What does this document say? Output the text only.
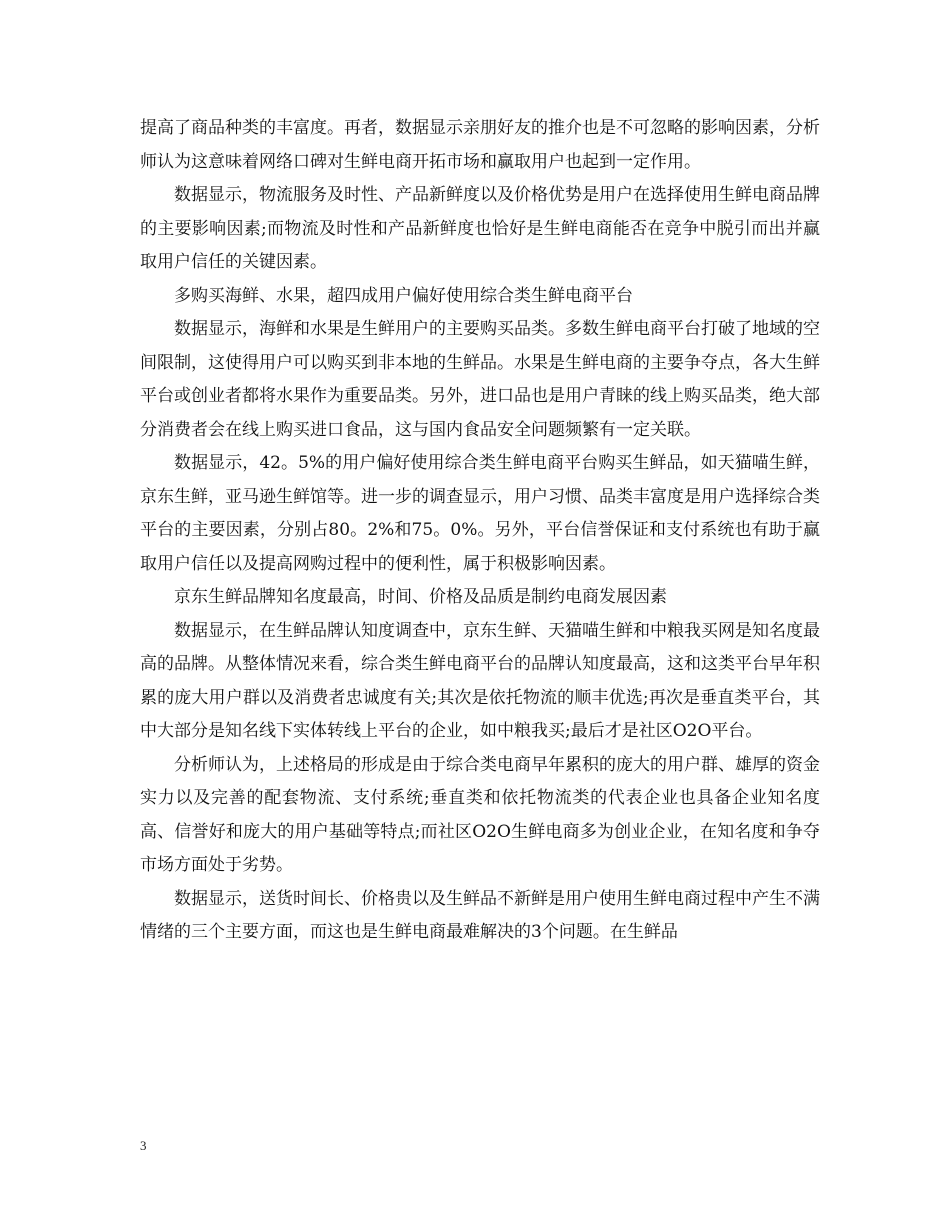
提高了商品种类的丰富度。再者，数据显示亲朋好友的推介也是不可忽略的影响因素，分析师认为这意味着网络口碑对生鲜电商开拓市场和赢取用户也起到一定作用。

数据显示，物流服务及时性、产品新鲜度以及价格优势是用户在选择使用生鲜电商品牌的主要影响因素;而物流及时性和产品新鲜度也恰好是生鲜电商能否在竞争中脱引而出并赢取用户信任的关键因素。

多购买海鲜、水果，超四成用户偏好使用综合类生鲜电商平台

数据显示，海鲜和水果是生鲜用户的主要购买品类。多数生鲜电商平台打破了地域的空间限制，这使得用户可以购买到非本地的生鲜品。水果是生鲜电商的主要争夺点，各大生鲜平台或创业者都将水果作为重要品类。另外，进口品也是用户青睐的线上购买品类，绝大部分消费者会在线上购买进口食品，这与国内食品安全问题频繁有一定关联。

数据显示，42。5%的用户偏好使用综合类生鲜电商平台购买生鲜品，如天猫喵生鲜，京东生鲜，亚马逊生鲜馆等。进一步的调查显示，用户习惯、品类丰富度是用户选择综合类平台的主要因素，分别占80。2%和75。0%。另外，平台信誉保证和支付系统也有助于赢取用户信任以及提高网购过程中的便利性，属于积极影响因素。

京东生鲜品牌知名度最高，时间、价格及品质是制约电商发展因素

数据显示，在生鲜品牌认知度调查中，京东生鲜、天猫喵生鲜和中粮我买网是知名度最高的品牌。从整体情况来看，综合类生鲜电商平台的品牌认知度最高，这和这类平台早年积累的庞大用户群以及消费者忠诚度有关;其次是依托物流的顺丰优选;再次是垂直类平台，其中大部分是知名线下实体转线上平台的企业，如中粮我买;最后才是社区O2O平台。

分析师认为，上述格局的形成是由于综合类电商早年累积的庞大的用户群、雄厚的资金实力以及完善的配套物流、支付系统;垂直类和依托物流类的代表企业也具备企业知名度高、信誉好和庞大的用户基础等特点;而社区O2O生鲜电商多为创业企业，在知名度和争夺市场方面处于劣势。

数据显示，送货时间长、价格贵以及生鲜品不新鲜是用户使用生鲜电商过程中产生不满情绪的三个主要方面，而这也是生鲜电商最难解决的3个问题。在生鲜品

3
